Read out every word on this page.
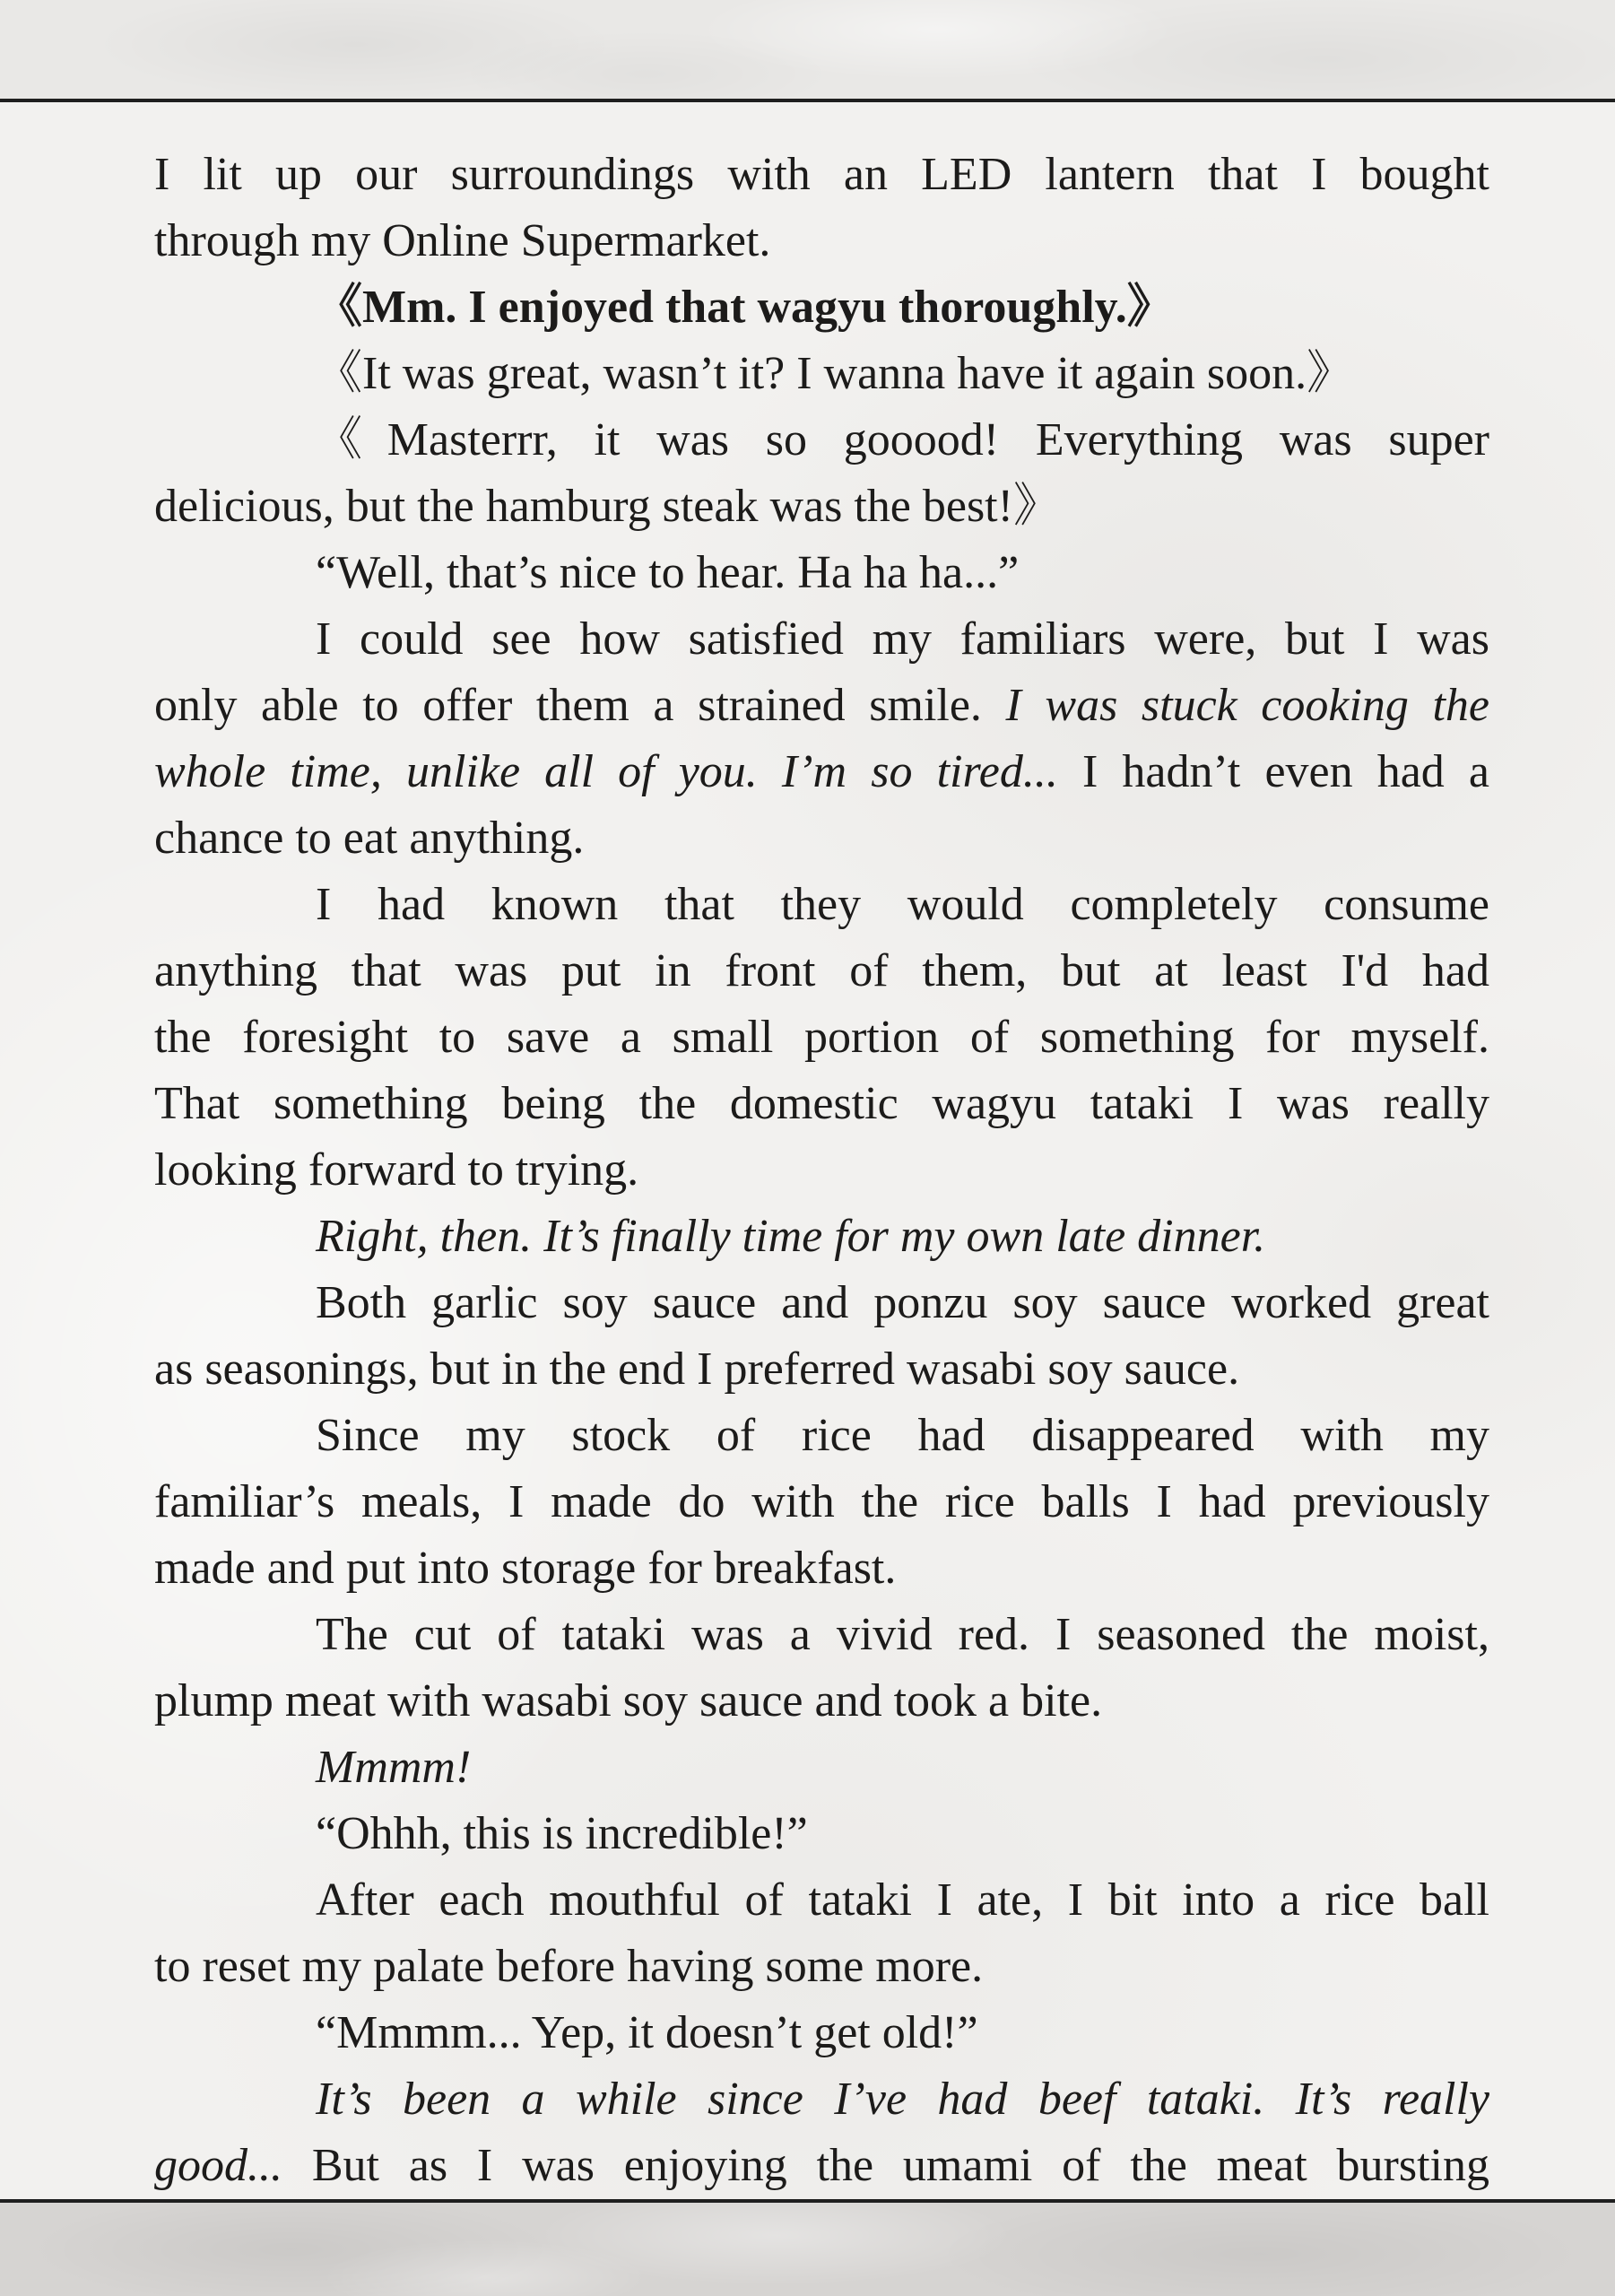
I lit up our surroundings with an LED lantern that I bought
through my Online Supermarket.
《Mm. I enjoyed that wagyu thoroughly.》
《It was great, wasn’t it? I wanna have it again soon.》
《Masterrr, it was so gooood! Everything was super
delicious, but the hamburg steak was the best!》
“Well, that’s nice to hear. Ha ha ha...”
I could see how satisfied my familiars were, but I was
only able to offer them a strained smile. I was stuck cooking the
whole time, unlike all of you. I’m so tired... I hadn’t even had a
chance to eat anything.
I had known that they would completely consume
anything that was put in front of them, but at least I'd had
the foresight to save a small portion of something for myself.
That something being the domestic wagyu tataki I was really
looking forward to trying.
Right, then. It’s finally time for my own late dinner.
Both garlic soy sauce and ponzu soy sauce worked great
as seasonings, but in the end I preferred wasabi soy sauce.
Since my stock of rice had disappeared with my
familiar’s meals, I made do with the rice balls I had previously
made and put into storage for breakfast.
The cut of tataki was a vivid red. I seasoned the moist,
plump meat with wasabi soy sauce and took a bite.
Mmmm!
“Ohhh, this is incredible!”
After each mouthful of tataki I ate, I bit into a rice ball
to reset my palate before having some more.
“Mmmm... Yep, it doesn’t get old!”
It’s been a while since I’ve had beef tataki. It’s really
good... But as I was enjoying the umami of the meat bursting
